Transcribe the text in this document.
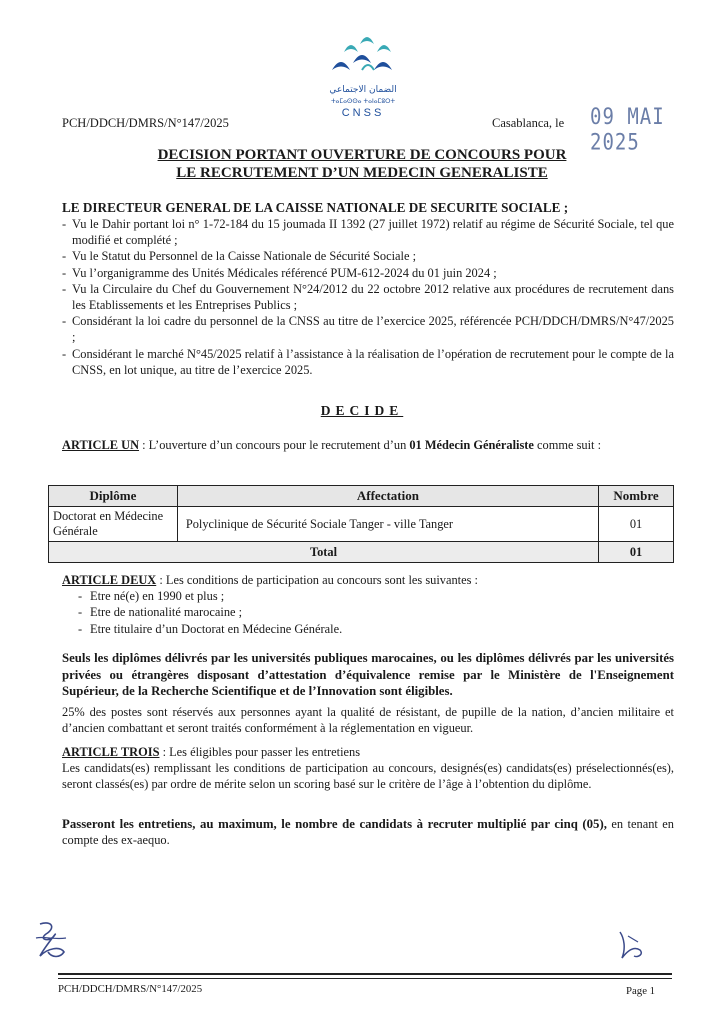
الضمان الاجتماعي
ⵜⴰⵎⴰⵙⵙⴰ ⵜⴰⵏⴰⵎⵓⵔⵜ
CNSS
PCH/DDCH/DMRS/N°147/2025	Casablanca, le 09 MAI 2025
DECISION PORTANT OUVERTURE DE CONCOURS POUR
LE RECRUTEMENT D’UN MEDECIN GENERALISTE
LE DIRECTEUR GENERAL DE LA CAISSE NATIONALE DE SECURITE SOCIALE ;
- Vu le Dahir portant loi n° 1-72-184 du 15 joumada II 1392 (27 juillet 1972) relatif au régime de Sécurité Sociale, tel que modifié et complété ;
- Vu le Statut du Personnel de la Caisse Nationale de Sécurité Sociale ;
- Vu l’organigramme des Unités Médicales référencé PUM-612-2024 du 01 juin 2024 ;
- Vu la Circulaire du Chef du Gouvernement N°24/2012 du 22 octobre 2012 relative aux procédures de recrutement dans les Etablissements et les Entreprises Publics ;
- Considérant la loi cadre du personnel de la CNSS au titre de l’exercice 2025, référencée PCH/DDCH/DMRS/N°47/2025 ;
- Considérant le marché N°45/2025 relatif à l’assistance à la réalisation de l’opération de recrutement pour le compte de la CNSS, en lot unique, au titre de l’exercice 2025.
DECIDE
ARTICLE UN : L’ouverture d’un concours pour le recrutement d’un 01 Médecin Généraliste comme suit :
Diplôme	Affectation	Nombre
Doctorat en Médecine Générale	Polyclinique de Sécurité Sociale Tanger - ville Tanger	01
Total		01
ARTICLE DEUX : Les conditions de participation au concours sont les suivantes :
- Etre né(e) en 1990 et plus ;
- Etre de nationalité marocaine ;
- Etre titulaire d’un Doctorat en Médecine Générale.
Seuls les diplômes délivrés par les universités publiques marocaines, ou les diplômes délivrés par les universités privées ou étrangères disposant d’attestation d’équivalence remise par le Ministère de l'Enseignement Supérieur, de la Recherche Scientifique et de l’Innovation sont éligibles.
25% des postes sont réservés aux personnes ayant la qualité de résistant, de pupille de la nation, d’ancien militaire et d’ancien combattant et seront traités conformément à la réglementation en vigueur.
ARTICLE TROIS : Les éligibles pour passer les entretiens
Les candidats(es) remplissant les conditions de participation au concours, designés(es) candidats(es) préselectionnés(es), seront classés(es) par ordre de mérite selon un scoring basé sur le critère de l’âge à l’obtention du diplôme.
Passeront les entretiens, au maximum, le nombre de candidats à recruter multiplié par cinq (05), en tenant en compte des ex-aequo.
PCH/DDCH/DMRS/N°147/2025	Page 1
